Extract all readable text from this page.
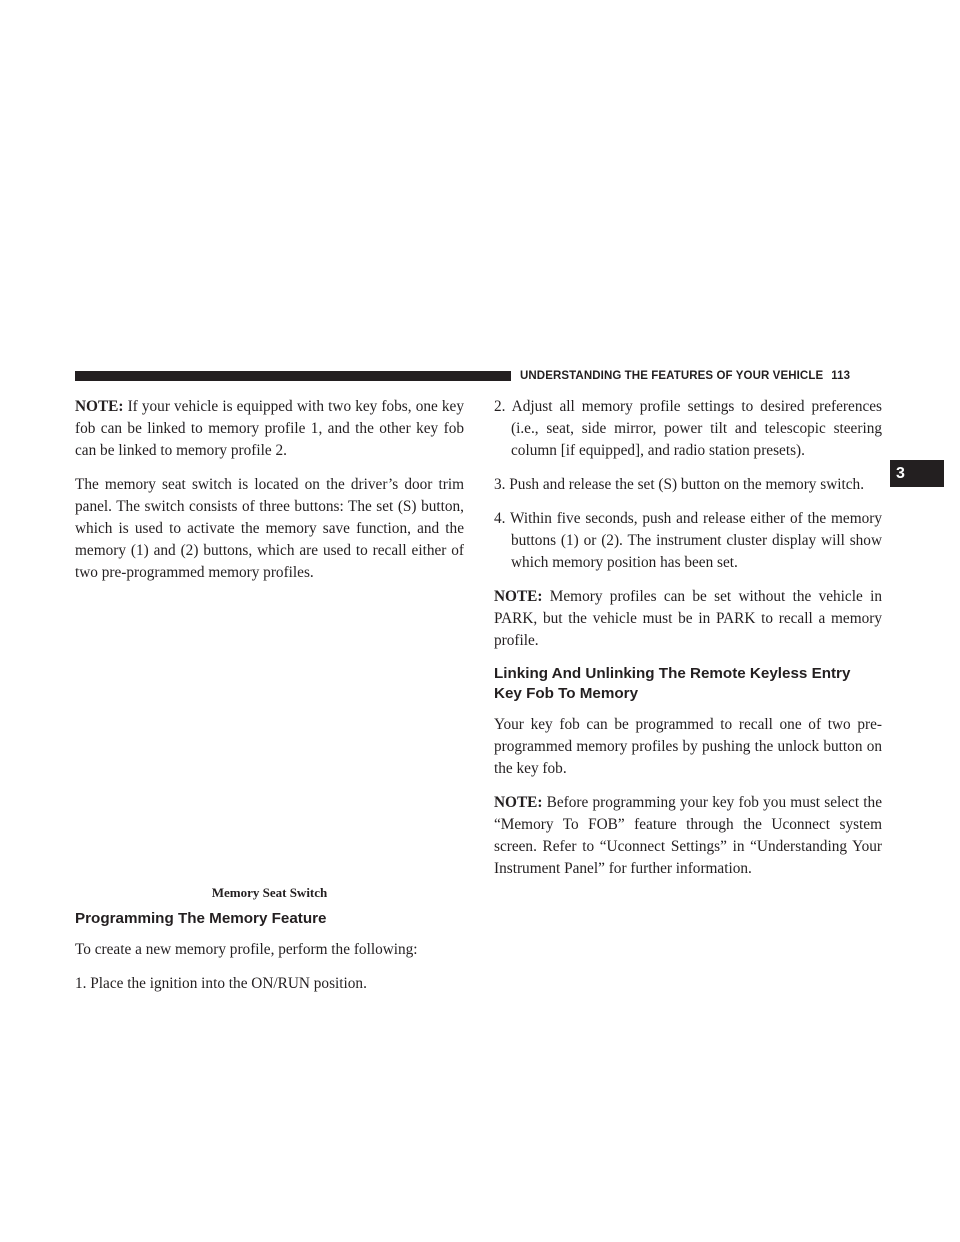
UNDERSTANDING THE FEATURES OF YOUR VEHICLE 113
3

NOTE: If your vehicle is equipped with two key fobs, one key fob can be linked to memory profile 1, and the other key fob can be linked to memory profile 2.

The memory seat switch is located on the driver’s door trim panel. The switch consists of three buttons: The set (S) button, which is used to activate the memory save function, and the memory (1) and (2) buttons, which are used to recall either of two pre-programmed memory profiles.

Memory Seat Switch
Programming The Memory Feature

To create a new memory profile, perform the following:

1. Place the ignition into the ON/RUN position.

2. Adjust all memory profile settings to desired preferences (i.e., seat, side mirror, power tilt and telescopic steering column [if equipped], and radio station presets).

3. Push and release the set (S) button on the memory switch.

4. Within five seconds, push and release either of the memory buttons (1) or (2). The instrument cluster display will show which memory position has been set.

NOTE: Memory profiles can be set without the vehicle in PARK, but the vehicle must be in PARK to recall a memory profile.

Linking And Unlinking The Remote Keyless Entry Key Fob To Memory

Your key fob can be programmed to recall one of two pre-programmed memory profiles by pushing the unlock button on the key fob.

NOTE: Before programming your key fob you must select the “Memory To FOB” feature through the Uconnect system screen. Refer to “Uconnect Settings” in “Understanding Your Instrument Panel” for further information.
